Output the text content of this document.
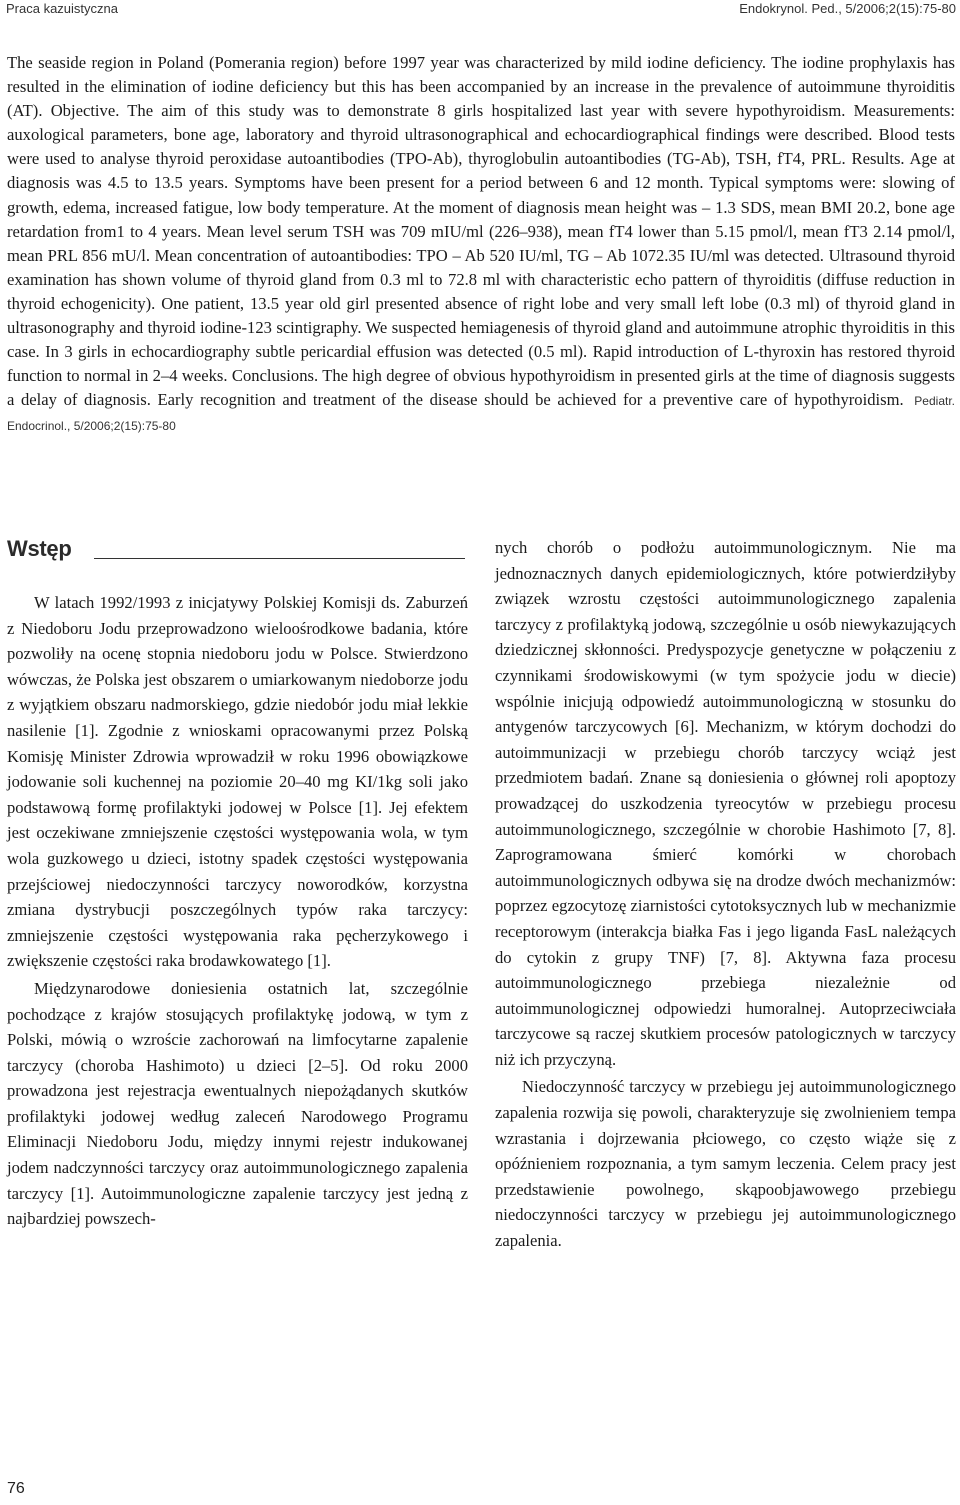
Praca kazuistyczna	Endokrynol. Ped., 5/2006;2(15):75-80
The seaside region in Poland (Pomerania region) before 1997 year was characterized by mild iodine deficiency. The iodine prophylaxis has resulted in the elimination of iodine deficiency but this has been accompanied by an increase in the prevalence of autoimmune thyroiditis (AT). Objective. The aim of this study was to demonstrate 8 girls hospitalized last year with severe hypothyroidism. Measurements: auxological parameters, bone age, laboratory and thyroid ultrasonographical and echocardiographical findings were described. Blood tests were used to analyse thyroid peroxidase autoantibodies (TPO-Ab), thyroglobulin autoantibodies (TG-Ab), TSH, fT4, PRL. Results. Age at diagnosis was 4.5 to 13.5 years. Symptoms have been present for a period between 6 and 12 month. Typical symptoms were: slowing of growth, edema, increased fatigue, low body temperature. At the moment of diagnosis mean height was – 1.3 SDS, mean BMI 20.2, bone age retardation from1 to 4 years. Mean level serum TSH was 709 mIU/ml (226–938), mean fT4 lower than 5.15 pmol/l, mean fT3 2.14 pmol/l, mean PRL 856 mU/l. Mean concentration of autoantibodies: TPO – Ab 520 IU/ml, TG – Ab 1072.35 IU/ml was detected. Ultrasound thyroid examination has shown volume of thyroid gland from 0.3 ml to 72.8 ml with characteristic echo pattern of thyroiditis (diffuse reduction in thyroid echogenicity). One patient, 13.5 year old girl presented absence of right lobe and very small left lobe (0.3 ml) of thyroid gland in ultrasonography and thyroid iodine-123 scintigraphy. We suspected hemiagenesis of thyroid gland and autoimmune atrophic thyroiditis in this case. In 3 girls in echocardiography subtle pericardial effusion was detected (0.5 ml). Rapid introduction of L-thyroxin has restored thyroid function to normal in 2–4 weeks. Conclusions. The high degree of obvious hypothyroidism in presented girls at the time of diagnosis suggests a delay of diagnosis. Early recognition and treatment of the disease should be achieved for a preventive care of hypothyroidism. Pediatr. Endocrinol., 5/2006;2(15):75-80
Wstęp

W latach 1992/1993 z inicjatywy Polskiej Komisji ds. Zaburzeń z Niedoboru Jodu przeprowadzono wieloośrodkowe badania, które pozwoliły na ocenę stopnia niedoboru jodu w Polsce. Stwierdzono wówczas, że Polska jest obszarem o umiarkowanym niedoborze jodu z wyjątkiem obszaru nadmorskiego, gdzie niedobór jodu miał lekkie nasilenie [1]. Zgodnie z wnioskami opracowanymi przez Polską Komisję Minister Zdrowia wprowadził w roku 1996 obowiązkowe jodowanie soli kuchennej na poziomie 20–40 mg KI/1kg soli jako podstawową formę profilaktyki jodowej w Polsce [1]. Jej efektem jest oczekiwane zmniejszenie częstości występowania wola, w tym wola guzkowego u dzieci, istotny spadek częstości występowania przejściowej niedoczynności tarczycy noworodków, korzystna zmiana dystrybucji poszczególnych typów raka tarczycy: zmniejszenie częstości występowania raka pęcherzykowego i zwiększenie częstości raka brodawkowatego [1].

Międzynarodowe doniesienia ostatnich lat, szczególnie pochodzące z krajów stosujących profilaktykę jodową, w tym z Polski, mówią o wzroście zachorowań na limfocytarne zapalenie tarczycy (choroba Hashimoto) u dzieci [2–5]. Od roku 2000 prowadzona jest rejestracja ewentualnych niepożądanych skutków profilaktyki jodowej według zaleceń Narodowego Programu Eliminacji Niedoboru Jodu, między innymi rejestr indukowanej jodem nadczynności tarczycy oraz autoimmunologicznego zapalenia tarczycy [1]. Autoimmunologiczne zapalenie tarczycy jest jedną z najbardziej powszech-

nych chorób o podłożu autoimmunologicznym. Nie ma jednoznacznych danych epidemiologicznych, które potwierdziłyby związek wzrostu częstości autoimmunologicznego zapalenia tarczycy z profilaktyką jodową, szczególnie u osób niewykazujących dziedzicznej skłonności. Predyspozycje genetyczne w połączeniu z czynnikami środowiskowymi (w tym spożycie jodu w diecie) wspólnie inicjują odpowiedź autoimmunologiczną w stosunku do antygenów tarczycowych [6]. Mechanizm, w którym dochodzi do autoimmunizacji w przebiegu chorób tarczycy wciąż jest przedmiotem badań. Znane są doniesienia o głównej roli apoptozy prowadzącej do uszkodzenia tyreocytów w przebiegu procesu autoimmunologicznego, szczególnie w chorobie Hashimoto [7, 8]. Zaprogramowana śmierć komórki w chorobach autoimmunologicznych odbywa się na drodze dwóch mechanizmów: poprzez egzocytozę ziarnistości cytotoksycznych lub w mechanizmie receptorowym (interakcja białka Fas i jego liganda FasL należących do cytokin z grupy TNF) [7, 8]. Aktywna faza procesu autoimmunologicznego przebiega niezależnie od autoimmunologicznej odpowiedzi humoralnej. Autoprzeciwciała tarczycowe są raczej skutkiem procesów patologicznych w tarczycy niż ich przyczyną.

Niedoczynność tarczycy w przebiegu jej autoimmunologicznego zapalenia rozwija się powoli, charakteryzuje się zwolnieniem tempa wzrastania i dojrzewania płciowego, co często wiąże się z opóźnieniem rozpoznania, a tym samym leczenia. Celem pracy jest przedstawienie powolnego, skąpoobjawowego przebiegu niedoczynności tarczycy w przebiegu jej autoimmunologicznego zapalenia.

76
